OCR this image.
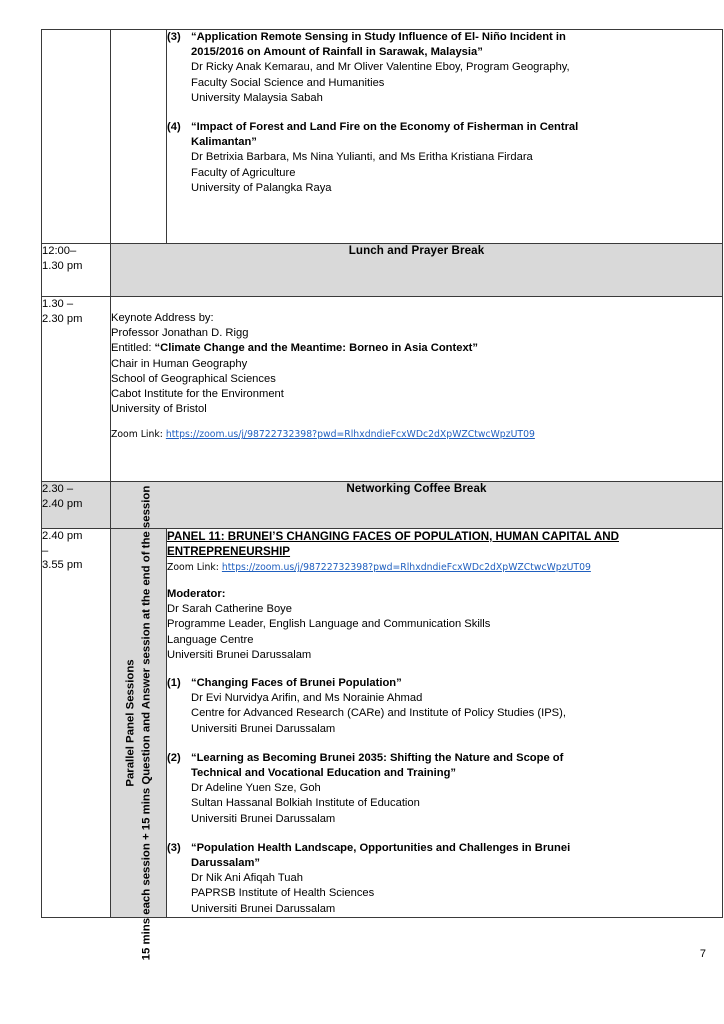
(3) “Application Remote Sensing in Study Influence of El- Niño Incident in
2015/2016 on Amount of Rainfall in Sarawak, Malaysia”
Dr Ricky Anak Kemarau, and Mr Oliver Valentine Eboy, Program Geography,
Faculty Social Science and Humanities
University Malaysia Sabah
(4) “Impact of Forest and Land Fire on the Economy of Fisherman in Central
Kalimantan”
Dr Betrixia Barbara, Ms Nina Yulianti, and Ms Eritha Kristiana Firdara
Faculty of Agriculture
University of Palangka Raya

12:00–
1.30 pm	Lunch and Prayer Break	

1.30 –
2.30 pm	Keynote Address by:
Professor Jonathan D. Rigg
Entitled: “Climate Change and the Meantime: Borneo in Asia Context”
Chair in Human Geography
School of Geographical Sciences
Cabot Institute for the Environment
University of Bristol
Zoom Link: https://zoom.us/j/98722732398?pwd=RlhxdndieFcxWDc2dXpWZCtwcWpzUT09

2.30 –
2.40 pm	Networking Coffee Break	

2.40 pm
–
3.55 pm

Parallel Panel Sessions 15 mins each session + 15 mins Question and Answer session at the end of the session	PANEL 11: BRUNEI’S CHANGING FACES OF POPULATION, HUMAN CAPITAL AND
ENTREPRENEURSHIP
Zoom Link: https://zoom.us/j/98722732398?pwd=RlhxdndieFcxWDc2dXpWZCtwcWpzUT09
Moderator:
Dr Sarah Catherine Boye
Programme Leader, English Language and Communication Skills
Language Centre
Universiti Brunei Darussalam
(1) “Changing Faces of Brunei Population”
Dr Evi Nurvidya Arifin, and Ms Norainie Ahmad
Centre for Advanced Research (CARe) and Institute of Policy Studies (IPS),
Universiti Brunei Darussalam
(2) “Learning as Becoming Brunei 2035: Shifting the Nature and Scope of
Technical and Vocational Education and Training”
Dr Adeline Yuen Sze, Goh
Sultan Hassanal Bolkiah Institute of Education
Universiti Brunei Darussalam
(3) “Population Health Landscape, Opportunities and Challenges in Brunei
Darussalam”
Dr Nik Ani Afiqah Tuah
PAPRSB Institute of Health Sciences
Universiti Brunei Darussalam
7
